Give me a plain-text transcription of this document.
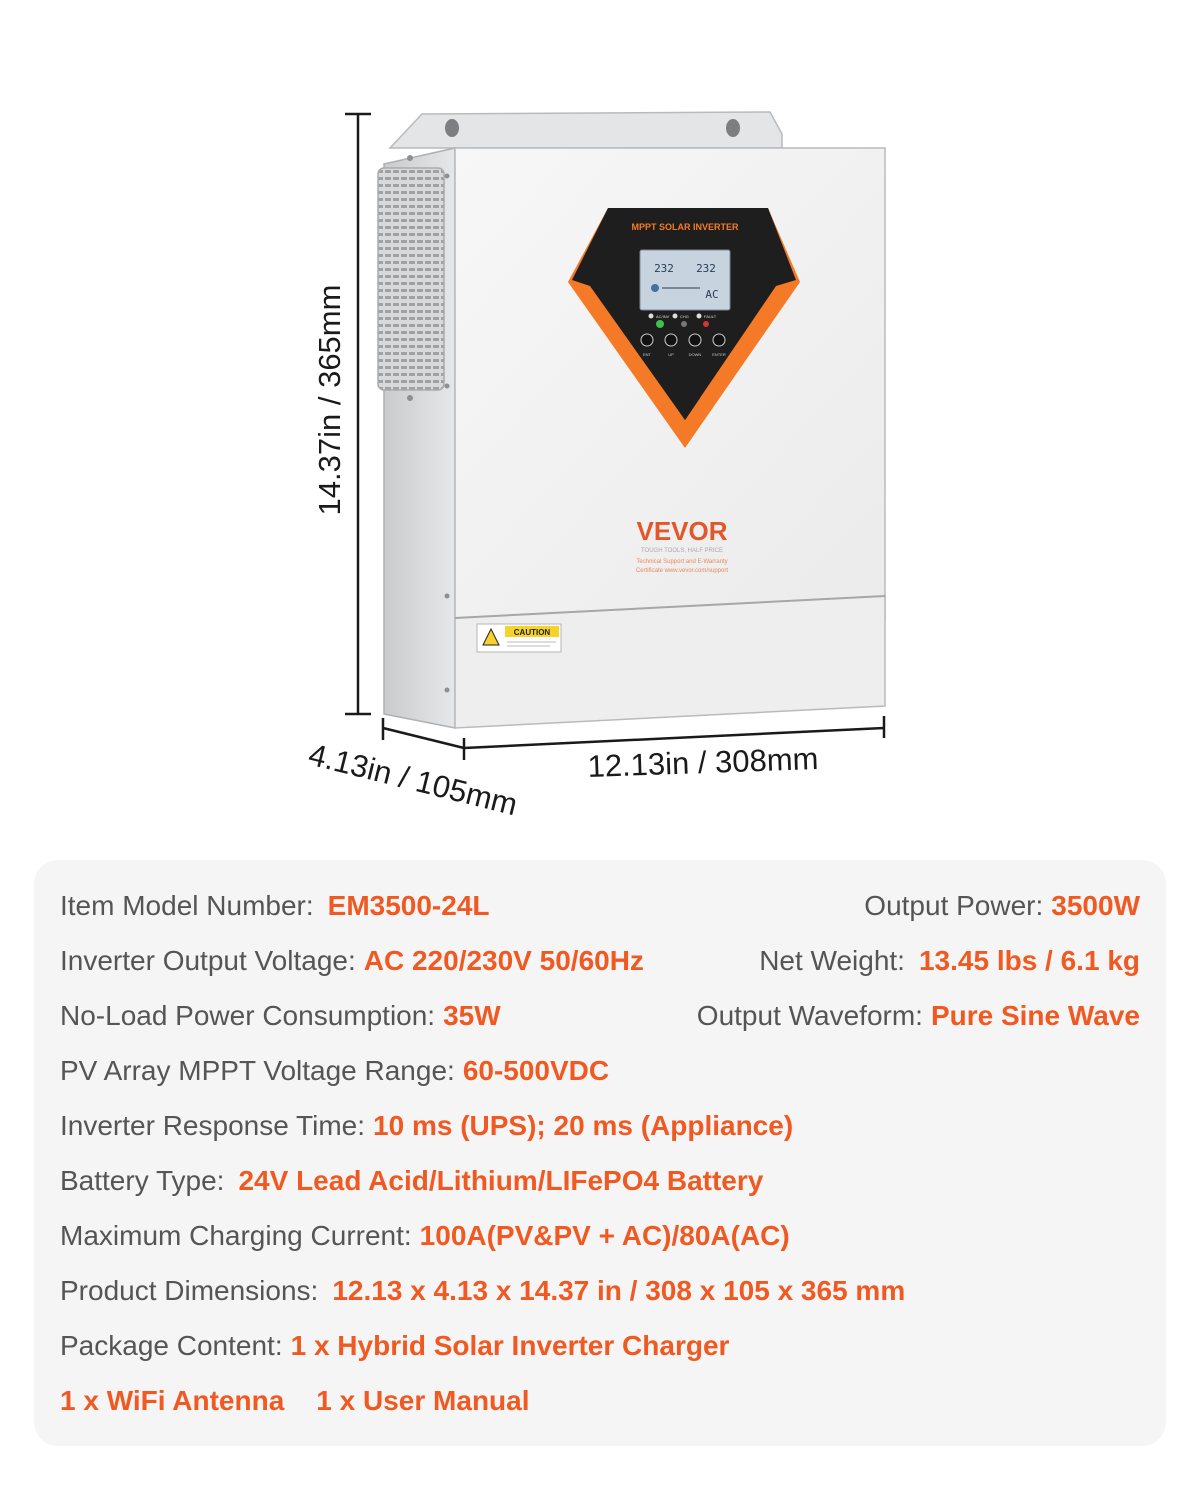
MPPT SOLAR INVERTER
232 232
AC
AC/INV	CHG	FAULT
ENT	UP	DOWN	ENTER
VEVOR
TOUGH TOOLS, HALF PRICE
Technical Support and E-Warranty
Certificate www.vevor.com/support
CAUTION
14.37in / 365mm
12.13in / 308mm
4.13in / 105mm
Item Model Number: EM3500-24L	Output Power: 3500W
Inverter Output Voltage: AC 220/230V 50/60Hz	Net Weight: 13.45 lbs / 6.1 kg
No-Load Power Consumption: 35W	Output Waveform: Pure Sine Wave
PV Array MPPT Voltage Range: 60-500VDC
Inverter Response Time: 10 ms (UPS); 20 ms (Appliance)
Battery Type: 24V Lead Acid/Lithium/LIFePO4 Battery
Maximum Charging Current: 100A(PV&PV + AC)/80A(AC)
Product Dimensions: 12.13 x 4.13 x 14.37 in / 308 x 105 x 365 mm
Package Content: 1 x Hybrid Solar Inverter Charger
1 x WiFi Antenna 1 x User Manual
